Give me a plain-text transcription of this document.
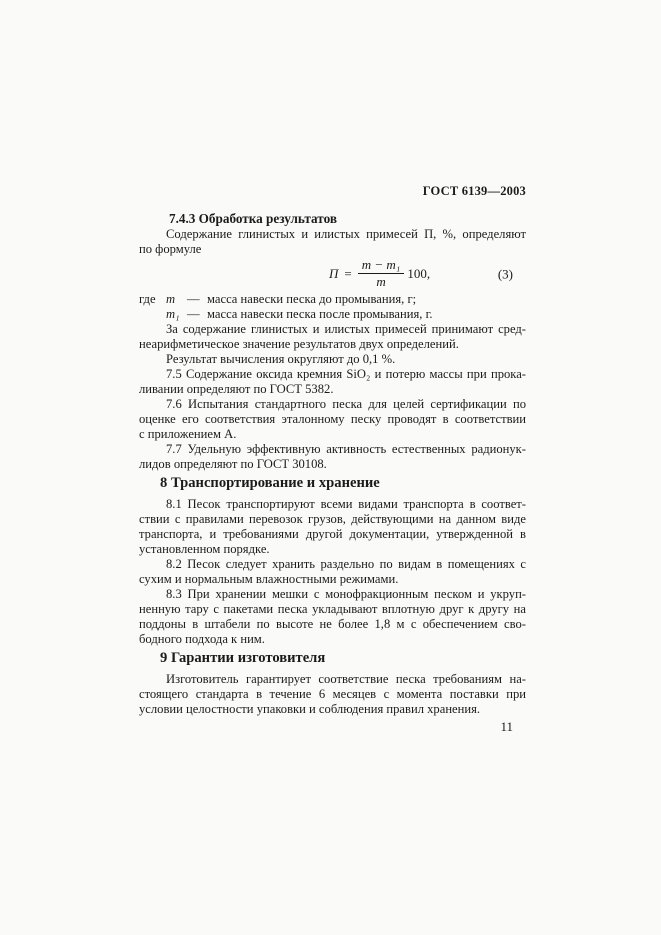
ГОСТ 6139—2003
7.4.3 Обработка результатов
Содержание глинистых и илистых примесей П, %, определяют
по формуле
$П = \frac{\text{m − m₁}}{m} 100$,	(3)
где m — масса навески песка до промывания, г;
m₁ — масса навески песка после промывания, г.
За содержание глинистых и илистых примесей принимают сред-
неарифметическое значение результатов двух определений.
Результат вычисления округляют до 0,1 %.
7.5 Содержание оксида кремния SiO₂ и потерю массы при прока-
ливании определяют по ГОСТ 5382.
7.6 Испытания стандартного песка для целей сертификации по
оценке его соответствия эталонному песку проводят в соответствии
с приложением А.
7.7 Удельную эффективную активность естественных радионук-
лидов определяют по ГОСТ 30108.
8 Транспортирование и хранение
8.1 Песок транспортируют всеми видами транспорта в соответ-
ствии с правилами перевозок грузов, действующими на данном виде
транспорта, и требованиями другой документации, утвержденной в
установленном порядке.
8.2 Песок следует хранить раздельно по видам в помещениях с
сухим и нормальным влажностными режимами.
8.3 При хранении мешки с монофракционным песком и укруп-
ненную тару с пакетами песка укладывают вплотную друг к другу на
поддоны в штабели по высоте не более 1,8 м с обеспечением сво-
бодного подхода к ним.
9 Гарантии изготовителя
Изготовитель гарантирует соответствие песка требованиям на-
стоящего стандарта в течение 6 месяцев с момента поставки при
условии целостности упаковки и соблюдения правил хранения.
11
